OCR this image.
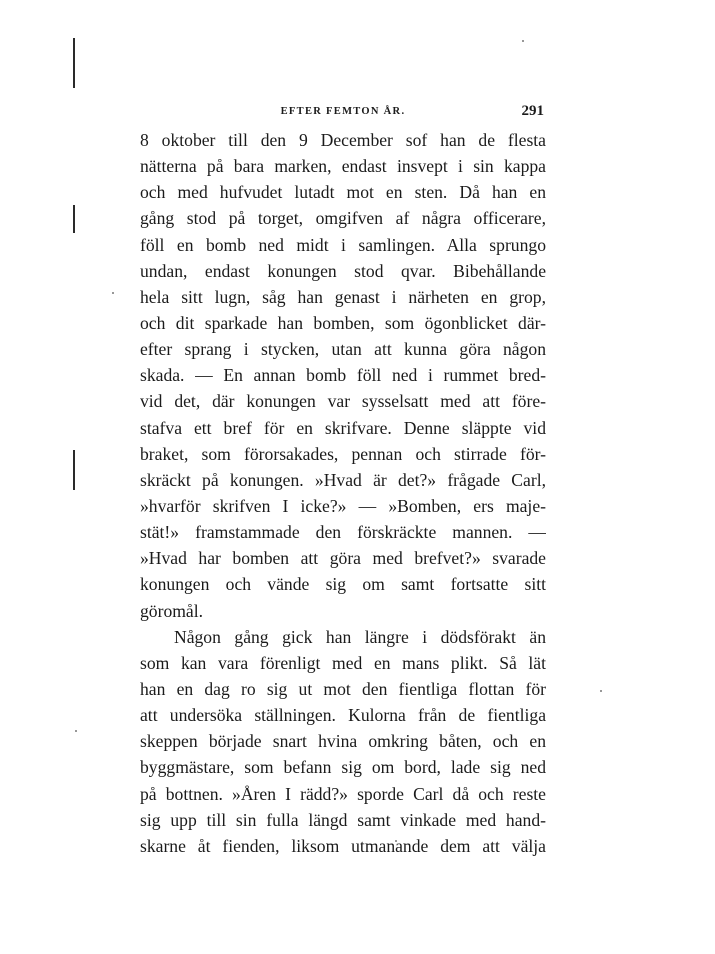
EFTER FEMTON ÅR.	291
8 oktober till den 9 December sof han de flesta
nätterna på bara marken, endast insvept i sin kappa
och med hufvudet lutadt mot en sten. Då han en
gång stod på torget, omgifven af några officerare,
föll en bomb ned midt i samlingen. Alla sprungo
undan, endast konungen stod qvar. Bibehållande
hela sitt lugn, såg han genast i närheten en grop,
och dit sparkade han bomben, som ögonblicket där-
efter sprang i stycken, utan att kunna göra någon
skada. — En annan bomb föll ned i rummet bred-
vid det, där konungen var sysselsatt med att före-
stafva ett bref för en skrifvare. Denne släppte vid
braket, som förorsakades, pennan och stirrade för-
skräckt på konungen. »Hvad är det?» frågade Carl,
»hvarför skrifven I icke?» — »Bomben, ers maje-
stät!» framstammade den förskräckte mannen. —
»Hvad har bomben att göra med brefvet?» svarade
konungen och vände sig om samt fortsatte sitt
göromål.
Någon gång gick han längre i dödsförakt än
som kan vara förenligt med en mans plikt. Så lät
han en dag ro sig ut mot den fientliga flottan för
att undersöka ställningen. Kulorna från de fientliga
skeppen började snart hvina omkring båten, och en
byggmästare, som befann sig om bord, lade sig ned
på bottnen. »Åren I rädd?» sporde Carl då och reste
sig upp till sin fulla längd samt vinkade med hand-
skarne åt fienden, liksom utmanande dem att välja
